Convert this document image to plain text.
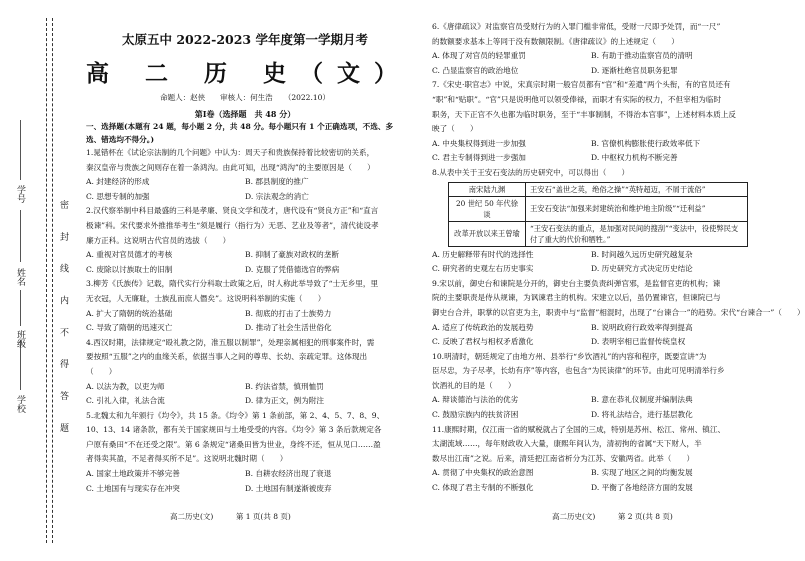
学校
班级
姓名
学号
密 封 线 内 不 得 答 题
太原五中 2022-2023 学年度第一学期月考
高 二 历 史（文）
命题人：赵侠　　审核人：何生浩　　（2022.10）
第Ⅰ卷（选择题　共 48 分）
一、选择题(本题有 24 题，每小题 2 分，共 48 分。每小题只有 1 个正确选项，不选、多选、错选均不得分。)
1.晁错杯在《试论宗法制的几个问题》中认为：周天子和贵族保持着比较密切的关系，
秦汉皇帝与贵族之间则存在着一条鸿沟。由此可知，出现“鸿沟”的主要原因是（　　）
A. 封建经济的形成	B. 郡县制度的推广
C. 思想专制的加强	D. 宗法观念的消亡
2.汉代察举制中科目最盛的三科是孝廉、贤良文学和茂才，唐代设有“贤良方正”和“直言
极谏”科。宋代要求外推推举考生“须是履行（指行为）无恶、艺业及等者”，清代徒设孝
廉方正科。这说明古代官员的选拔（　　）
A. 重视对官员德才的考核	B. 抑制了豪族对政权的垄断
C. 废除以讨族取士的旧制	D. 克服了凭借德选官的弊病
3.柳芳《氏族传》记载，隋代实行分科取士政策之后，时人称此举导致了“士无乡里，里
无衣冠，人无廉耻，士族乱而庶人僭矣”。这说明科举制的实施（　　）
A. 扩大了隋朝的统治基础	B. 彻底的打击了士族势力
C. 导致了隋朝的迅速灭亡	D. 推动了社会生活世俗化
4.西汉时期，法律规定“殴礼教之防，准五服以制罪”，处理亲属相犯的刑事案件时，需
要按照“五服”之内的血缘关系，依据当事人之间的尊卑、长幼、亲疏定罪。这体现出
（　　）
A. 以法为教，以吏为师	B. 约法省禁，慎刑恤罚
C. 引礼入律，礼法合流	D. 律为正文，例为附注
5.北魏太和九年颁行《均令》，共 15 条。《均令》第 1 条前部，第 2、4、5、7、8、9、
10、13、14 诸条款，都有关于国家规田与土地受受的内容。《均令》第 3 条后款规定各
户原有桑田“不在还受之限”。第 6 条规定“诸桑田皆为世业，身终不还，恒从见口……盈
者得卖其盈，不足者得买所不足”。这说明北魏时期（　　）
A. 国家土地政策并不够完善	B. 自耕农经济出现了衰退
C. 土地国有与现实存在冲突	D. 土地国有制遂渐被废弃
6.《唐律疏议》对监察官员受财行为的入罪门槛非常低，受财一尺即予处罚，而“一尺”
的数额要求基本上等同于没有数额限制。《唐律疏议》的上述规定（　　）
A. 体现了对官员的轻罪重罚	B. 有助于推动监察官员的清明
C. 凸显监察官的政治地位	D. 逐渐杜绝官员职务犯罪
7.《宋史·职官志》中说，宋真宗时期一般官员都有“官”和“差遣”两个头衔，有的官员还有
“职”和“贴职”。“官”只是说明他可以领受俸禄，而职才有实际的权力，不但宰相为临时
职务，天下正官不久也都为临时职务，至于“丰事制制，不得治本官事”，上述材料本质上反
映了（　　）
A. 中央集权得到进一步加强	B. 官僚机构膨胀使行政效率低下
C. 君主专制得到进一步强加	D. 中枢权力机构不断完善
8.从表中关于王安石变法的历史研究中，可以得出（　　）
南宋陆九渊	王安石“盖世之英，绝俗之操”“英特超迈，不屑于流俗”
20 世纪 50 年代徐谈	王安石变法“加强来封建统治和维护地主阶级”“迁利益”
改革开放以来王曾瑜	“王安石变法的重点，是加强对民间的搜刮”“变法中，役使弊民支付了重大的代价和牺牲。”
A. 历史解释带有时代的选择性	B. 时间越久远历史研究越复杂
C. 研究者的史观左右历史事实	D. 历史研究方式决定历史结论
9.宋以前，御史台和谏院是分开的，御史台主要负责纠弹官邪，是监督官吏的机构；谏
院的主要职责是侍从规谏，为讽谏君主的机构。宋建立以后，虽仍置谏官，但谏院已与
御史台合并，职掌的以官吏为主，职责中与“监督”相混时，出现了“台谏合一”的趋势。宋代“台谏合一”（　　）
A. 适应了传统政治的发展趋势	B. 说明政府行政效率得到提高
C. 反映了君权与相权矛盾激化	D. 表明宰相已监督传统皇权
10.明清时，朝廷规定了由地方州、县举行“乡饮酒礼”的内容和程序，既要宣讲“为
臣尽忠，为子尽孝，长幼有序”等内容，也包含“为民读律”的环节。由此可见明清举行乡
饮酒礼的目的是（　　）
A. 辩谈德治与法治的优劣	B. 意在恭礼仪制度并编制法典
C. 鼓励宗族内的扶贫济困	D. 将礼法结合，进行基层教化
11.康熙时期，仅江南一省的赋税就占了全国的三成，特别是苏州、松江、常州、镇江、
太湖流域……，每年财政收入大量，康熙年间认为，清初拘的省属“天下财人，半
数尽出江南”之说。后来，清廷把江南省析分为江苏、安徽两省。此举（　　）
A. 贯彻了中央集权的政治意图	B. 实现了地区之间的均衡发展
C. 体现了君主专制的不断强化	D. 平衡了各地经济方面的发展
高二历史(文)　　　第 1 页(共 8 页)	高二历史(文)　　　第 2 页(共 8 页)
